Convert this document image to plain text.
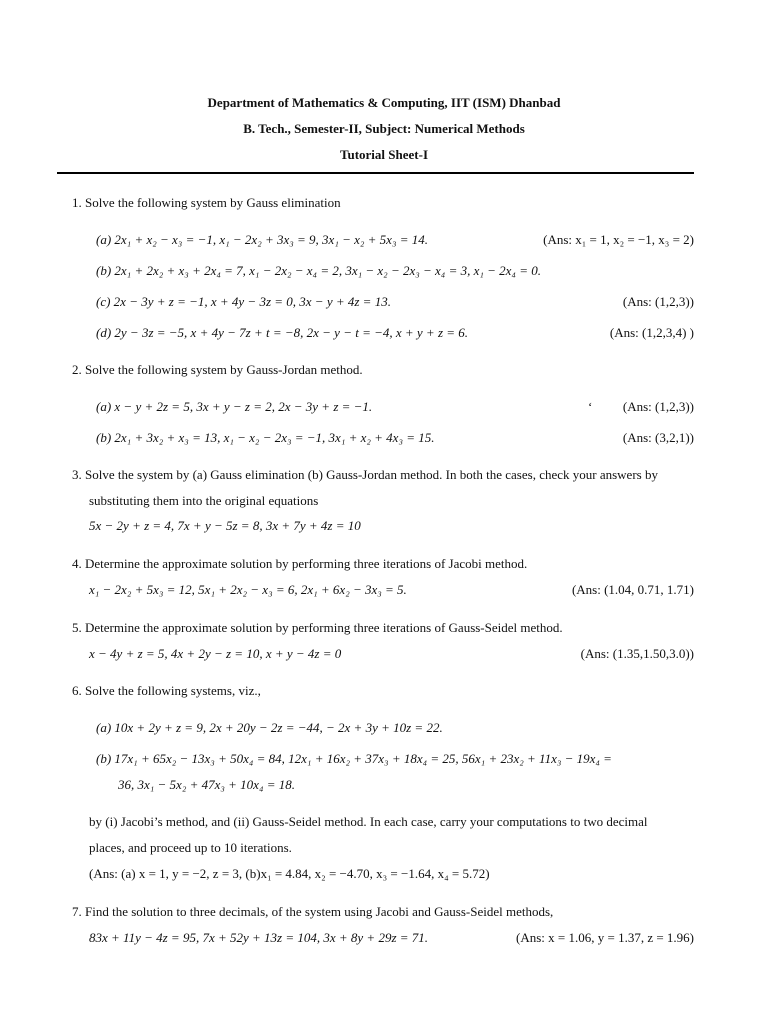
Department of Mathematics & Computing, IIT (ISM) Dhanbad
B. Tech., Semester-II, Subject: Numerical Methods
Tutorial Sheet-I
1. Solve the following system by Gauss elimination
(a) 2x₁ + x₂ − x₃ = −1, x₁ − 2x₂ + 3x₃ = 9, 3x₁ − x₂ + 5x₃ = 14.	(Ans: x₁ = 1, x₂ = −1, x₃ = 2)
(b) 2x₁ + 2x₂ + x₃ + 2x₄ = 7, x₁ − 2x₂ − x₄ = 2, 3x₁ − x₂ − 2x₃ − x₄ = 3, x₁ − 2x₄ = 0.
(c) 2x − 3y + z = −1, x + 4y − 3z = 0, 3x − y + 4z = 13.	(Ans: (1,2,3))
(d) 2y − 3z = −5, x + 4y − 7z + t = −8, 2x − y − t = −4, x + y + z = 6.	(Ans: (1,2,3,4) )
2. Solve the following system by Gauss-Jordan method.
(a) x − y + 2z = 5, 3x + y − z = 2, 2x − 3y + z = −1.	‘ (Ans: (1,2,3))
(b) 2x₁ + 3x₂ + x₃ = 13, x₁ − x₂ − 2x₃ = −1, 3x₁ + x₂ + 4x₃ = 15.	(Ans: (3,2,1))
3. Solve the system by (a) Gauss elimination (b) Gauss-Jordan method. In both the cases, check your answers by
substituting them into the original equations
5x − 2y + z = 4, 7x + y − 5z = 8, 3x + 7y + 4z = 10
4. Determine the approximate solution by performing three iterations of Jacobi method.
x₁ − 2x₂ + 5x₃ = 12, 5x₁ + 2x₂ − x₃ = 6, 2x₁ + 6x₂ − 3x₃ = 5.	(Ans: (1.04, 0.71, 1.71)
5. Determine the approximate solution by performing three iterations of Gauss-Seidel method.
x − 4y + z = 5, 4x + 2y − z = 10, x + y − 4z = 0	(Ans: (1.35,1.50,3.0))
6. Solve the following systems, viz.,
(a) 10x + 2y + z = 9, 2x + 20y − 2z = −44, − 2x + 3y + 10z = 22.
(b) 17x₁ + 65x₂ − 13x₃ + 50x₄ = 84, 12x₁ + 16x₂ + 37x₃ + 18x₄ = 25, 56x₁ + 23x₂ + 11x₃ − 19x₄ =
36, 3x₁ − 5x₂ + 47x₃ + 10x₄ = 18.
by (i) Jacobi’s method, and (ii) Gauss-Seidel method. In each case, carry your computations to two decimal
places, and proceed up to 10 iterations.
(Ans: (a) x = 1, y = −2, z = 3, (b)x₁ = 4.84, x₂ = −4.70, x₃ = −1.64, x₄ = 5.72)
7. Find the solution to three decimals, of the system using Jacobi and Gauss-Seidel methods,
83x + 11y − 4z = 95, 7x + 52y + 13z = 104, 3x + 8y + 29z = 71.	(Ans: x = 1.06, y = 1.37, z = 1.96)
